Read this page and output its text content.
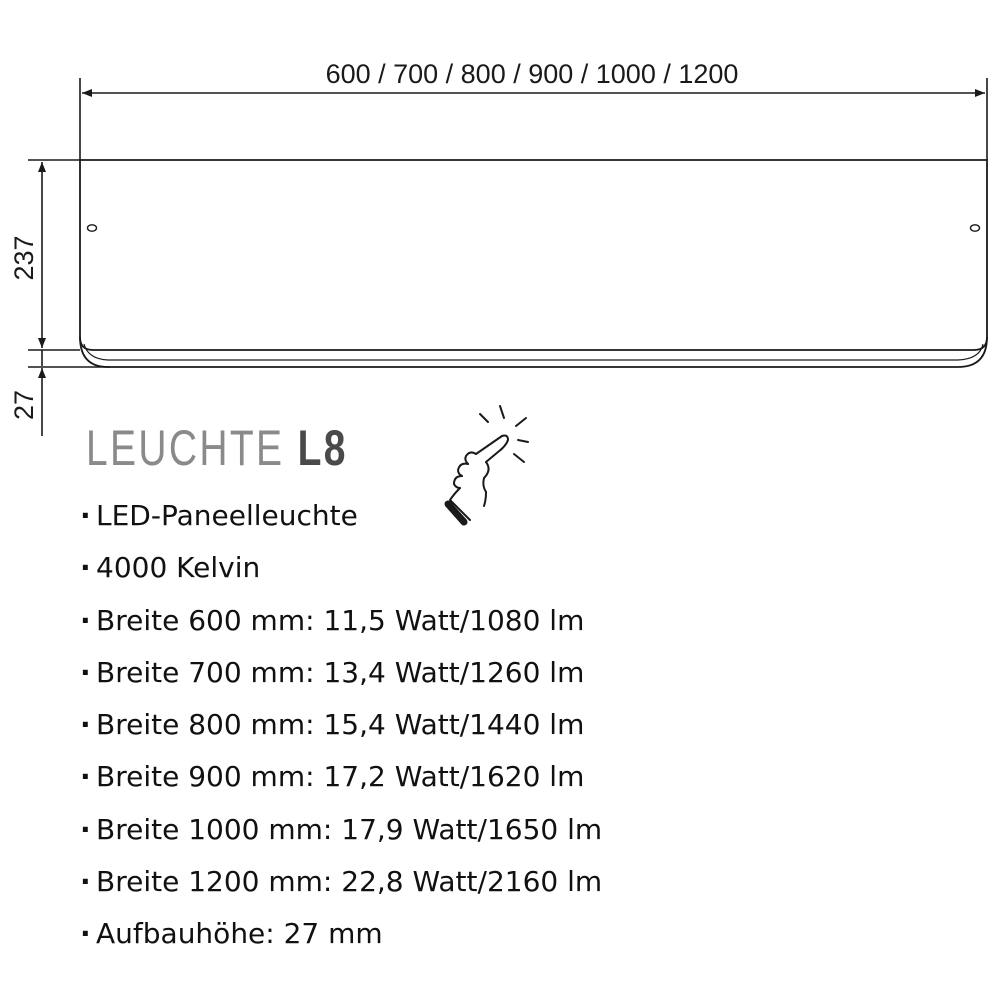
600 / 700 / 800 / 900 / 1000 / 1200
237
27
LEUCHTE L8
· LED-Paneelleuchte
· 4000 Kelvin
· Breite 600 mm: 11,5 Watt/1080 lm
· Breite 700 mm: 13,4 Watt/1260 lm
· Breite 800 mm: 15,4 Watt/1440 lm
· Breite 900 mm: 17,2 Watt/1620 lm
· Breite 1000 mm: 17,9 Watt/1650 lm
· Breite 1200 mm: 22,8 Watt/2160 lm
· Aufbauhöhe: 27 mm
